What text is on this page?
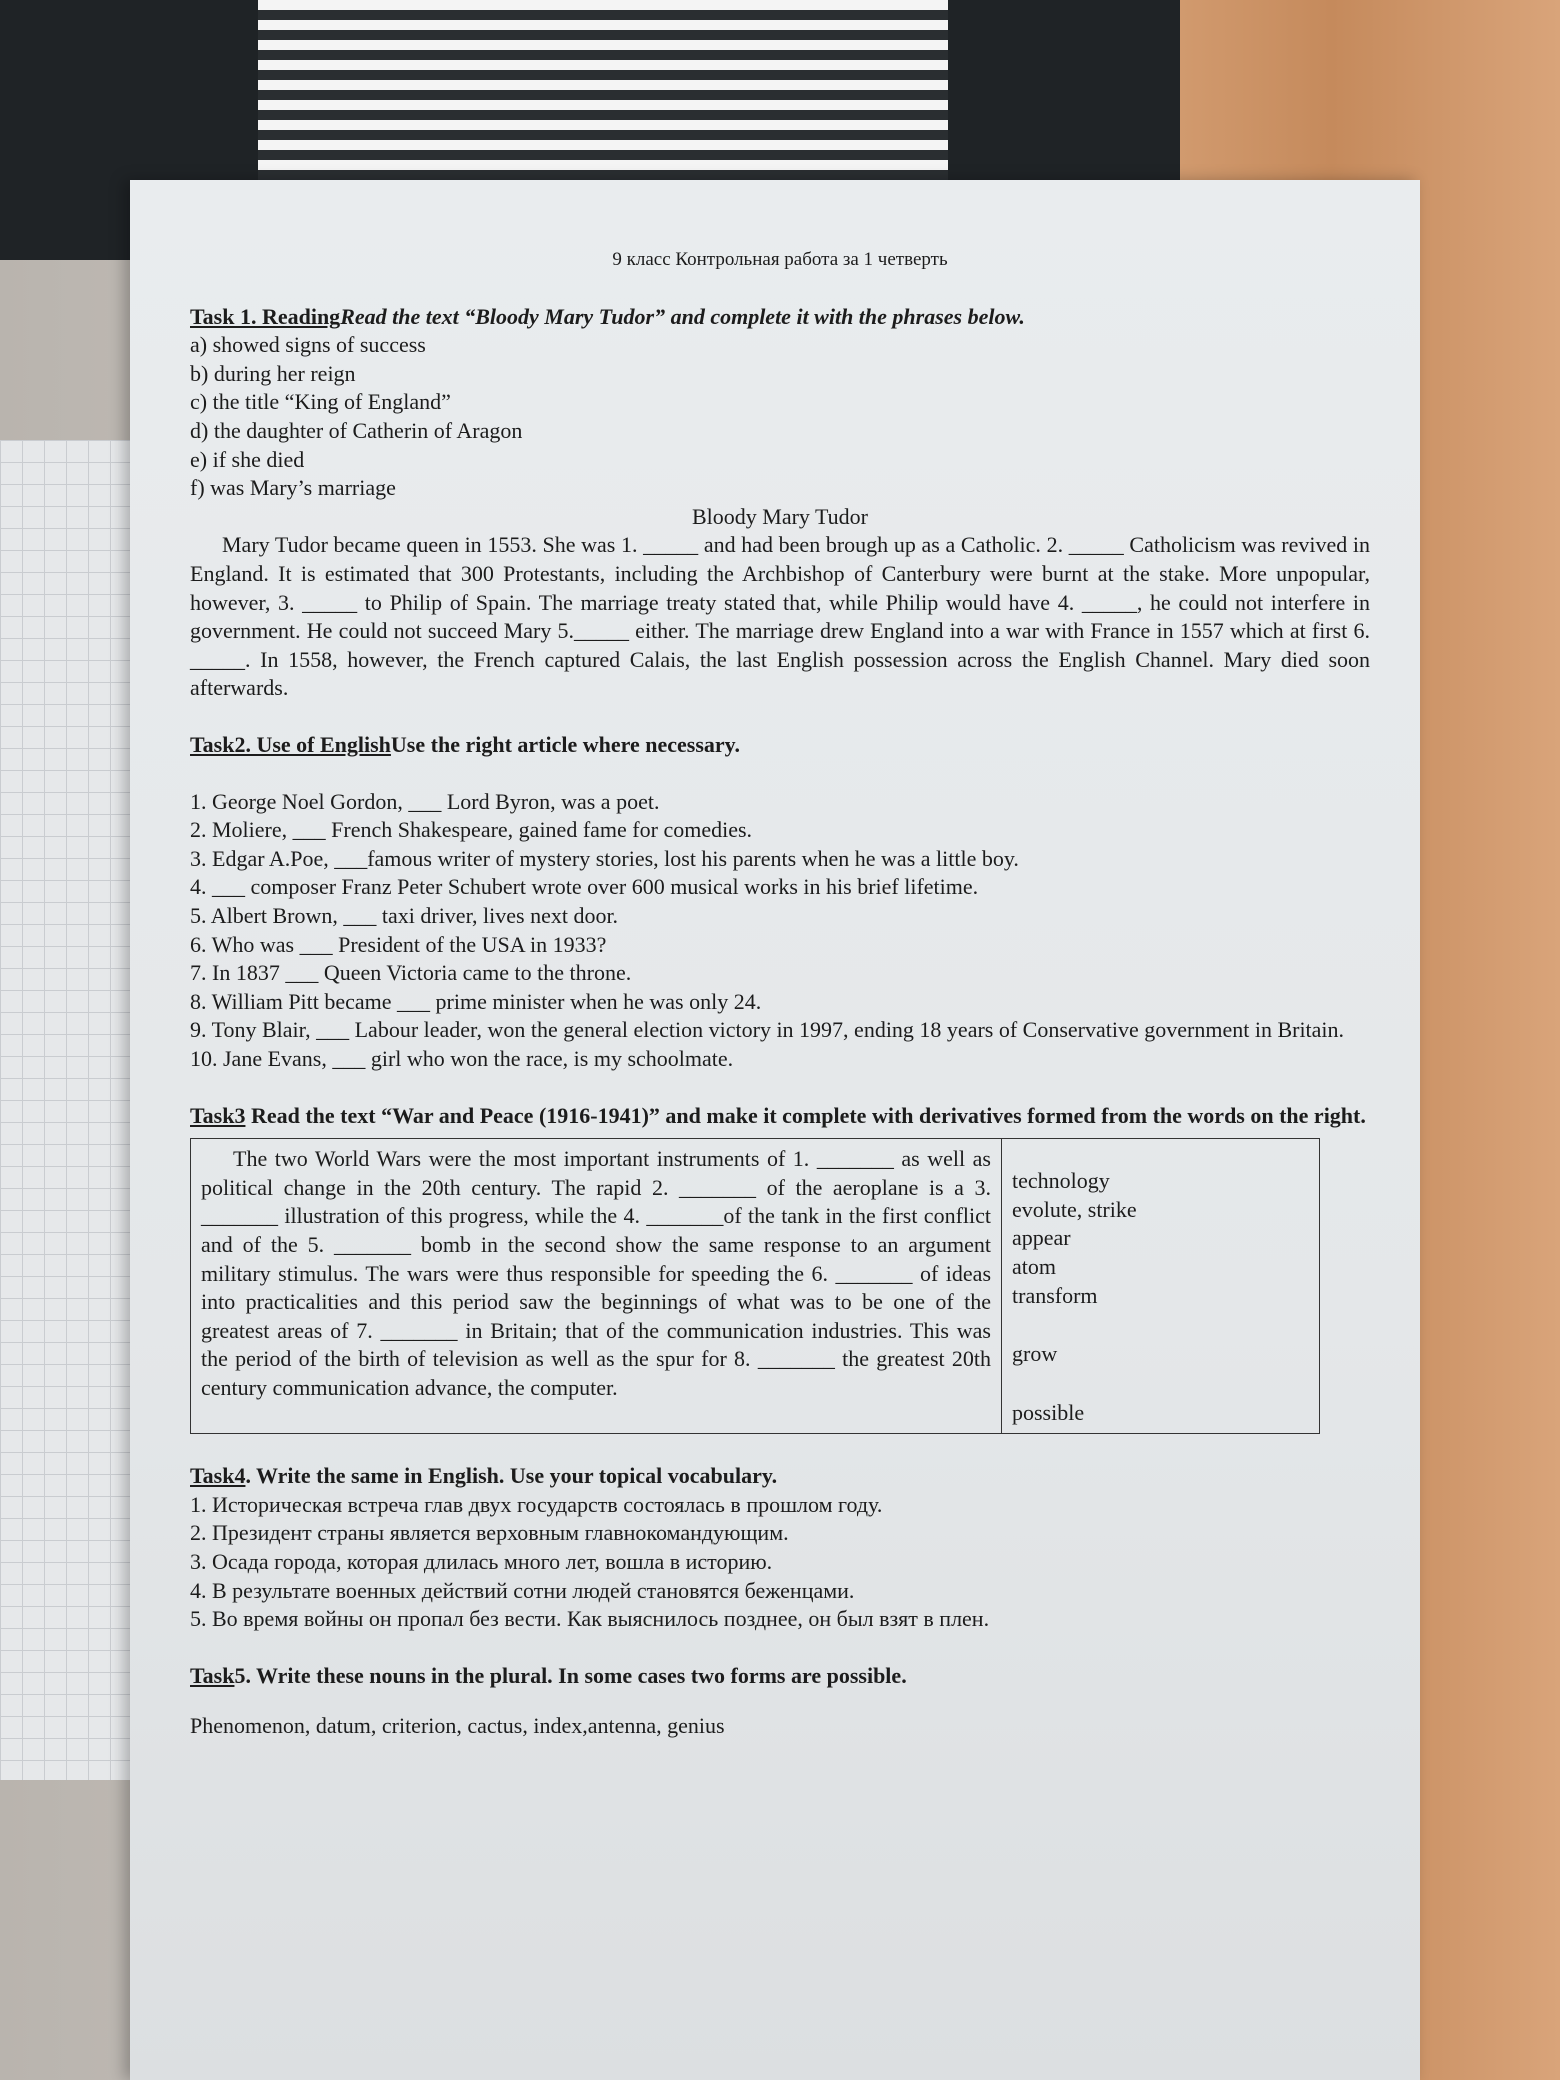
9 класс Контрольная работа за 1 четверть

Task 1. ReadingRead the text “Bloody Mary Tudor” and complete it with the phrases below.

a) showed signs of success

b) during her reign

c) the title “King of England”

d) the daughter of Catherin of Aragon

e) if she died

f) was Mary’s marriage

Bloody Mary Tudor

Mary Tudor became queen in 1553. She was 1. _____ and had been brough up as a Catholic. 2. _____ Catholicism was revived in England. It is estimated that 300 Protestants, including the Archbishop of Canterbury were burnt at the stake. More unpopular, however, 3. _____ to Philip of Spain. The marriage treaty stated that, while Philip would have 4. _____, he could not interfere in government. He could not succeed Mary 5._____ either. The marriage drew England into a war with France in 1557 which at first 6. _____. In 1558, however, the French captured Calais, the last English possession across the English Channel. Mary died soon afterwards.

Task2. Use of EnglishUse the right article where necessary.

1. George Noel Gordon, ___ Lord Byron, was a poet.

2. Moliere, ___ French Shakespeare, gained fame for comedies.

3. Edgar A.Poe, ___famous writer of mystery stories, lost his parents when he was a little boy.

4. ___ composer Franz Peter Schubert wrote over 600 musical works in his brief lifetime.

5. Albert Brown, ___ taxi driver, lives next door.

6. Who was ___ President of the USA in 1933?

7. In 1837 ___ Queen Victoria came to the throne.

8. William Pitt became ___ prime minister when he was only 24.

9. Tony Blair, ___ Labour leader, won the general election victory in 1997, ending 18 years of Conservative government in Britain.

10. Jane Evans, ___ girl who won the race, is my schoolmate.

Task3 Read the text “War and Peace (1916-1941)” and make it complete with derivatives formed from the words on the right.

The two World Wars were the most important instruments of 1. _______ as well as political change in the 20th century. The rapid 2. _______ of the aeroplane is a 3. _______ illustration of this progress, while the 4. _______of the tank in the first conflict and of the 5. _______ bomb in the second show the same response to an argument military stimulus. The wars were thus responsible for speeding the 6. _______ of ideas into practicalities and this period saw the beginnings of what was to be one of the greatest areas of 7. _______ in Britain; that of the communication industries. This was the period of the birth of television as well as the spur for 8. _______ the greatest 20th century communication advance, the computer.

technology
evolute, strike
appear
atom
transform
grow
possible

Task4. Write the same in English. Use your topical vocabulary.

1. Историческая встреча глав двух государств состоялась в прошлом году.

2. Президент страны является верховным главнокомандующим.

3. Осада города, которая длилась много лет, вошла в историю.

4. В результате военных действий сотни людей становятся беженцами.

5. Во время войны он пропал без вести. Как выяснилось позднее, он был взят в плен.

Task5. Write these nouns in the plural. In some cases two forms are possible.

Phenomenon, datum, criterion, cactus, index,antenna, genius
